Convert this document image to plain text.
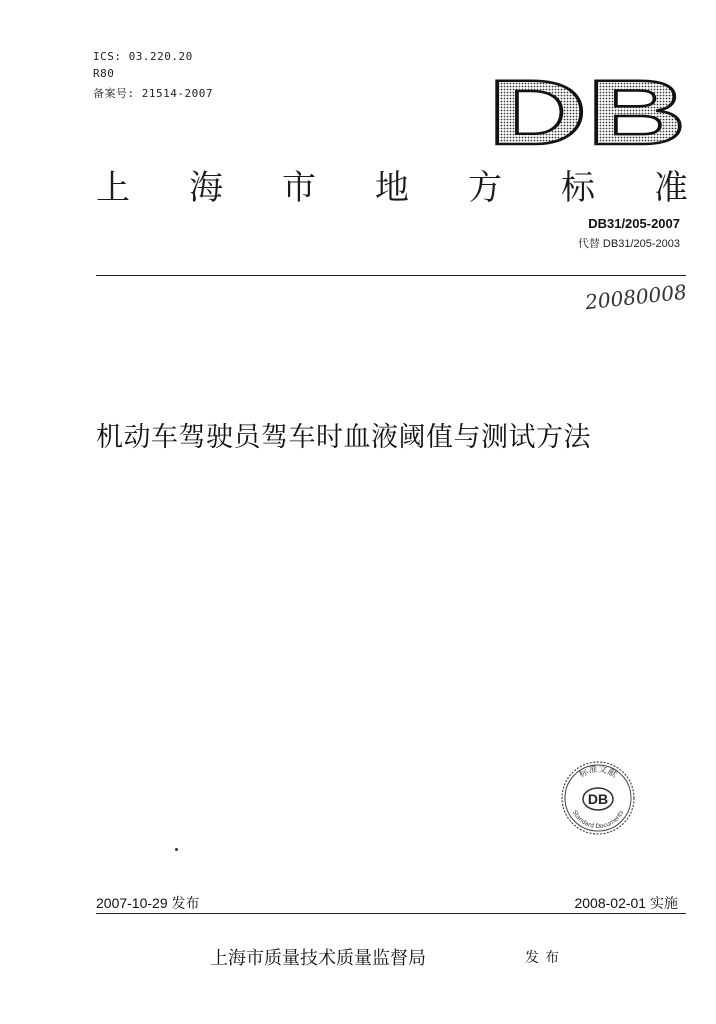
ICS: 03.220.20
R80
备案号: 21514-2007	DB
上 海 市 地 方 标 准
DB31/205-2007
代替 DB31/205-2003
20080008
机动车驾驶员驾车时血液阈值与测试方法
DB
标准文献
Standard Documents
2007-10-29 发布	2008-02-01 实施
上海市质量技术质量监督局	发布
